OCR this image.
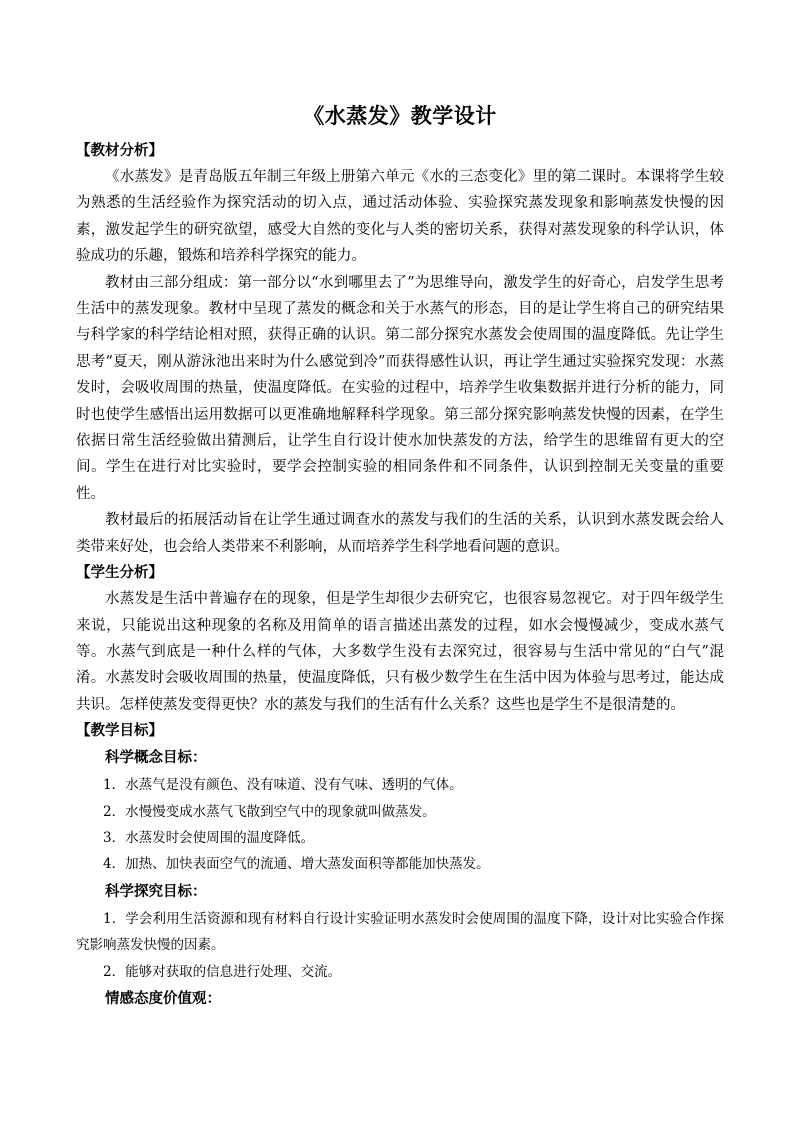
《水蒸发》教学设计
【教材分析】

《水蒸发》是青岛版五年制三年级上册第六单元《水的三态变化》里的第二课时。本课将学生较为熟悉的生活经验作为探究活动的切入点，通过活动体验、实验探究蒸发现象和影响蒸发快慢的因素，激发起学生的研究欲望，感受大自然的变化与人类的密切关系，获得对蒸发现象的科学认识，体验成功的乐趣，锻炼和培养科学探究的能力。

教材由三部分组成：第一部分以“水到哪里去了”为思维导向，激发学生的好奇心，启发学生思考生活中的蒸发现象。教材中呈现了蒸发的概念和关于水蒸气的形态，目的是让学生将自己的研究结果与科学家的科学结论相对照，获得正确的认识。第二部分探究水蒸发会使周围的温度降低。先让学生思考“夏天，刚从游泳池出来时为什么感觉到冷”而获得感性认识，再让学生通过实验探究发现：水蒸发时，会吸收周围的热量，使温度降低。在实验的过程中，培养学生收集数据并进行分析的能力，同时也使学生感悟出运用数据可以更准确地解释科学现象。第三部分探究影响蒸发快慢的因素，在学生依据日常生活经验做出猜测后，让学生自行设计使水加快蒸发的方法，给学生的思维留有更大的空间。学生在进行对比实验时，要学会控制实验的相同条件和不同条件，认识到控制无关变量的重要性。

教材最后的拓展活动旨在让学生通过调查水的蒸发与我们的生活的关系，认识到水蒸发既会给人类带来好处，也会给人类带来不利影响，从而培养学生科学地看问题的意识。

【学生分析】

水蒸发是生活中普遍存在的现象，但是学生却很少去研究它，也很容易忽视它。对于四年级学生来说，只能说出这种现象的名称及用简单的语言描述出蒸发的过程，如水会慢慢减少，变成水蒸气等。水蒸气到底是一种什么样的气体，大多数学生没有去深究过，很容易与生活中常见的“白气”混淆。水蒸发时会吸收周围的热量，使温度降低，只有极少数学生在生活中因为体验与思考过，能达成共识。怎样使蒸发变得更快？水的蒸发与我们的生活有什么关系？这些也是学生不是很清楚的。

【教学目标】
科学概念目标：
1．水蒸气是没有颜色、没有味道、没有气味、透明的气体。
2．水慢慢变成水蒸气飞散到空气中的现象就叫做蒸发。
3．水蒸发时会使周围的温度降低。
4．加热、加快表面空气的流通、增大蒸发面积等都能加快蒸发。
科学探究目标：
1．学会利用生活资源和现有材料自行设计实验证明水蒸发时会使周围的温度下降，设计对比实验合作探究影响蒸发快慢的因素。
2．能够对获取的信息进行处理、交流。
情感态度价值观：
